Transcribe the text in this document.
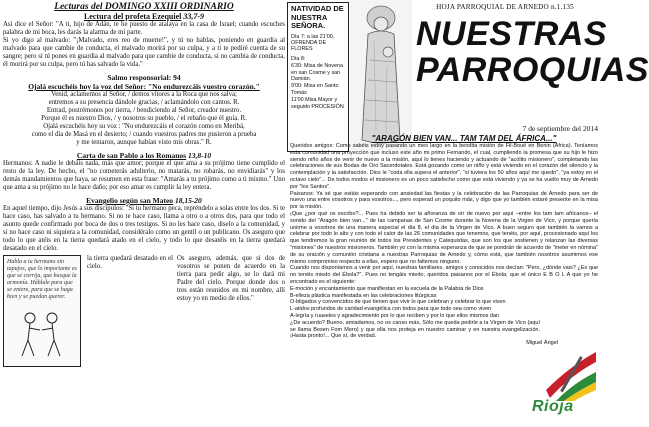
Lecturas del DOMINGO XXIII ORDINARIO
Lectura del profeta Ezequiel 33,7-9

Así dice el Señor: "A ti, hijo de Adán, te he puesto de atalaya en la casa de Israel; cuando escuches palabra de mi boca, les darás la alarma de mi parte.

Si yo digo al malvado: "¡Malvado, eres reo de muerte!", y tú no hablas, poniendo en guardia al malvado para que cambie de conducta, el malvado morirá por su culpa, y a ti te pediré cuenta de su sangre; pero si tú pones en guardia al malvado para que cambie de conducta, si no cambia de conducta, él morirá por su culpa, pero tú has salvado la vida."

Salmo responsorial: 94
Ojalá escuchéis hoy la voz del Señor: "No endurezcáis vuestro corazón."

Venid, aclamemos al Señor, / demos vítores a la Roca que nos salva;

entremos a su presencia dándole gracias, / aclamándolo con cantos. R.

Entrad, postrémonos por tierra, / bendiciendo al Señor, creador nuestro.

Porque él es nuestro Dios, / y nosotros su pueblo, / el rebaño que él guía. R.

Ojalá escuchéis hoy su voz : "No endurezcáis el corazón como en Meribá,

como el día de Masá en el desierto; / cuando vuestros padres me pusieron a prueba

y me tentaron, aunque habían visto mis obras." R.

Carta de san Pablo a los Romanos 13,8-10

Hermanos: A nadie le debáis nada, más que amor; porque el que ama a su prójimo tiene cumplido el resto de la ley. De hecho, el "no cometerás adulterio, no matarás, no robarás, no envidiarás" y los demás mandamientos que haya, se resumen en esta frase: "Amarás a tu prójimo como a ti mismo." Uno que ama a su prójimo no le hace daño; por eso amar es cumplir la ley entera.

Evangelio según san Mateo 18,15-20

En aquel tiempo, dijo Jesús a sus discípulos: "Si tu hermano peca, repréndelo a solas entre los dos. Si te hace caso, has salvado a tu hermano. Si no te hace caso, llama a otro o a otros dos, para que todo el asunto quede confirmado por boca de dos o tres testigos. Si no les hace caso, díselo a la comunidad, y si no hace caso ni siquiera a la comunidad, considéralo como un gentil o un publicano. Os aseguro que todo lo que atéis en la tierra quedará atado en el cielo, y todo lo que desatéis en la tierra quedará desatado en el cielo.

Habla a tu hermano sin tapujos, que lo importante es que se corrija, que busque la armonía. Háblale para que se entere, para que se haga bien y se puedan querer.
la tierra quedará desatado en el cielo.
Os aseguro, además, que si dos de vosotros se ponen de acuerdo en la tierra para pedir algo, se lo dará mi Padre del cielo. Porque donde dos o tres están reunidos en mi nombre, allí estoy yo en medio de ellos."
NATIVIDAD DE NUESTRA SEÑORA.
Día 7: a las 21'00, OFRENDA DE FLORES
Día 8:
6'30: Misa de Novena en san Cosme y san Damián.
9'00: Misa en Santo Tomás
11'00 Misa Mayor y seguido PROCESIÓN
HOJA PARROQUIAL DE ARNEDO n.1.135
NUESTRAS
PARROQUIAS
7 de septiembre del 2014
"ARAGÓN BIEN VAN... TAM TAM DEL ÁFRICA..."

Queridos amigos: Como sabéis estoy pasando un mes largo en la bendita misión de Fil-Boué en Benin (África). Teníamos esta comunidad una proyección que incluso este año mi primo Fernando, el cual, cumpliendo la promesa que su hijo le hizo siendo niño años de venir de nuevo a la misión, aquí lo tienes haciendo y actuando de "acólito misionero", completando las celebraciones de sus Bodas de Oro Sacerdotales. Está gozando como un niño y está viviendo en el corazón del silencio y la contemplación y la satisfacción. Dios le "coda ella supera el anterior", "si tuviera los 50 años aquí me quedo", "ya estoy en el octavo cielo"... De todos modos el misionero es un poco satisfecho como que está viviendo y ya se ha vuelto muy de Arnedo por "los Santos".

Paisanos: Ya sé que estáis esperando con ansiedad las fiestas y la celebración de las Parroquias de Arnedo para ser de nuevo una entre vosotros y para vosotros..., pero esperad un poquito más, y digo que yo también estaré presente en la misa por la misión.

¡Que ¿por qué os escribo?... Pues ha debido ser la añoranza de oír de nuevo por aquí –entre los tam tam africanos– el sonido del "Aragón bien van..." de las campanas de San Cosme durante la Novena de la Virgen de Vico, y porque quería unirme a vosotros de una manera especial el día 8, el día de la Virgen de Vico. A buen seguro que también la vamos a celebrar por todo lo alto y con todo el calor de las 26 comunidades que tenemos, que tenéis, por aquí, procesionado aquí los que tendremos la gran reunión de todos los Presidentes y Catequistas, que son los que sostienen y relanzan las diversas "misiones" de nuestros misioneros. También yo con la misma esperanza de que se pondrán de acuerdo de "meter en nómina" de su oración y comunión cristiana a nuestras Parroquias de Arnedo y, cómo está, que también nosotros asumimos ese mismo compromiso respecto a ellas, espero que no faltemos ninguno.

Cuando nos disponíamos a venir por aquí, nuestras familiares, amigos y conocidos nos decían: "Pero, ¿dónde vais? ¿Es que no tenéis miedo del Ébola?". Pues no tengáis miedo, queridos paisanos por el Ébola; que el único E B O L A que yo he encontrado es el siguiente:

E-moción y encantamiento que manifiestan en la escuela de la Palabra de Dios

B-elleza plástica manifestada en las celebraciones litúrgicas

O-bligados y convencidos de que tienen que vivir lo que celebran y celebrar lo que viven

L-atidos profundos de caridad evangélica con todos para que todo sea como viven

A-legría y ruaseles y agradecimiento por lo que reciben y por lo que ellos mismos dan

¿De acuerdo? Bueno, amiadamos, no os canso más, Sólo me queda pedirle a la Virgen de Vico (aquí se llama Besen Fom Mero) y que ella nos proteja en nuestro caminar y en nuestra evangelización. ¡Hasta pronto!... Que sí, de verdad.

Miguel Ángel

Rioja
